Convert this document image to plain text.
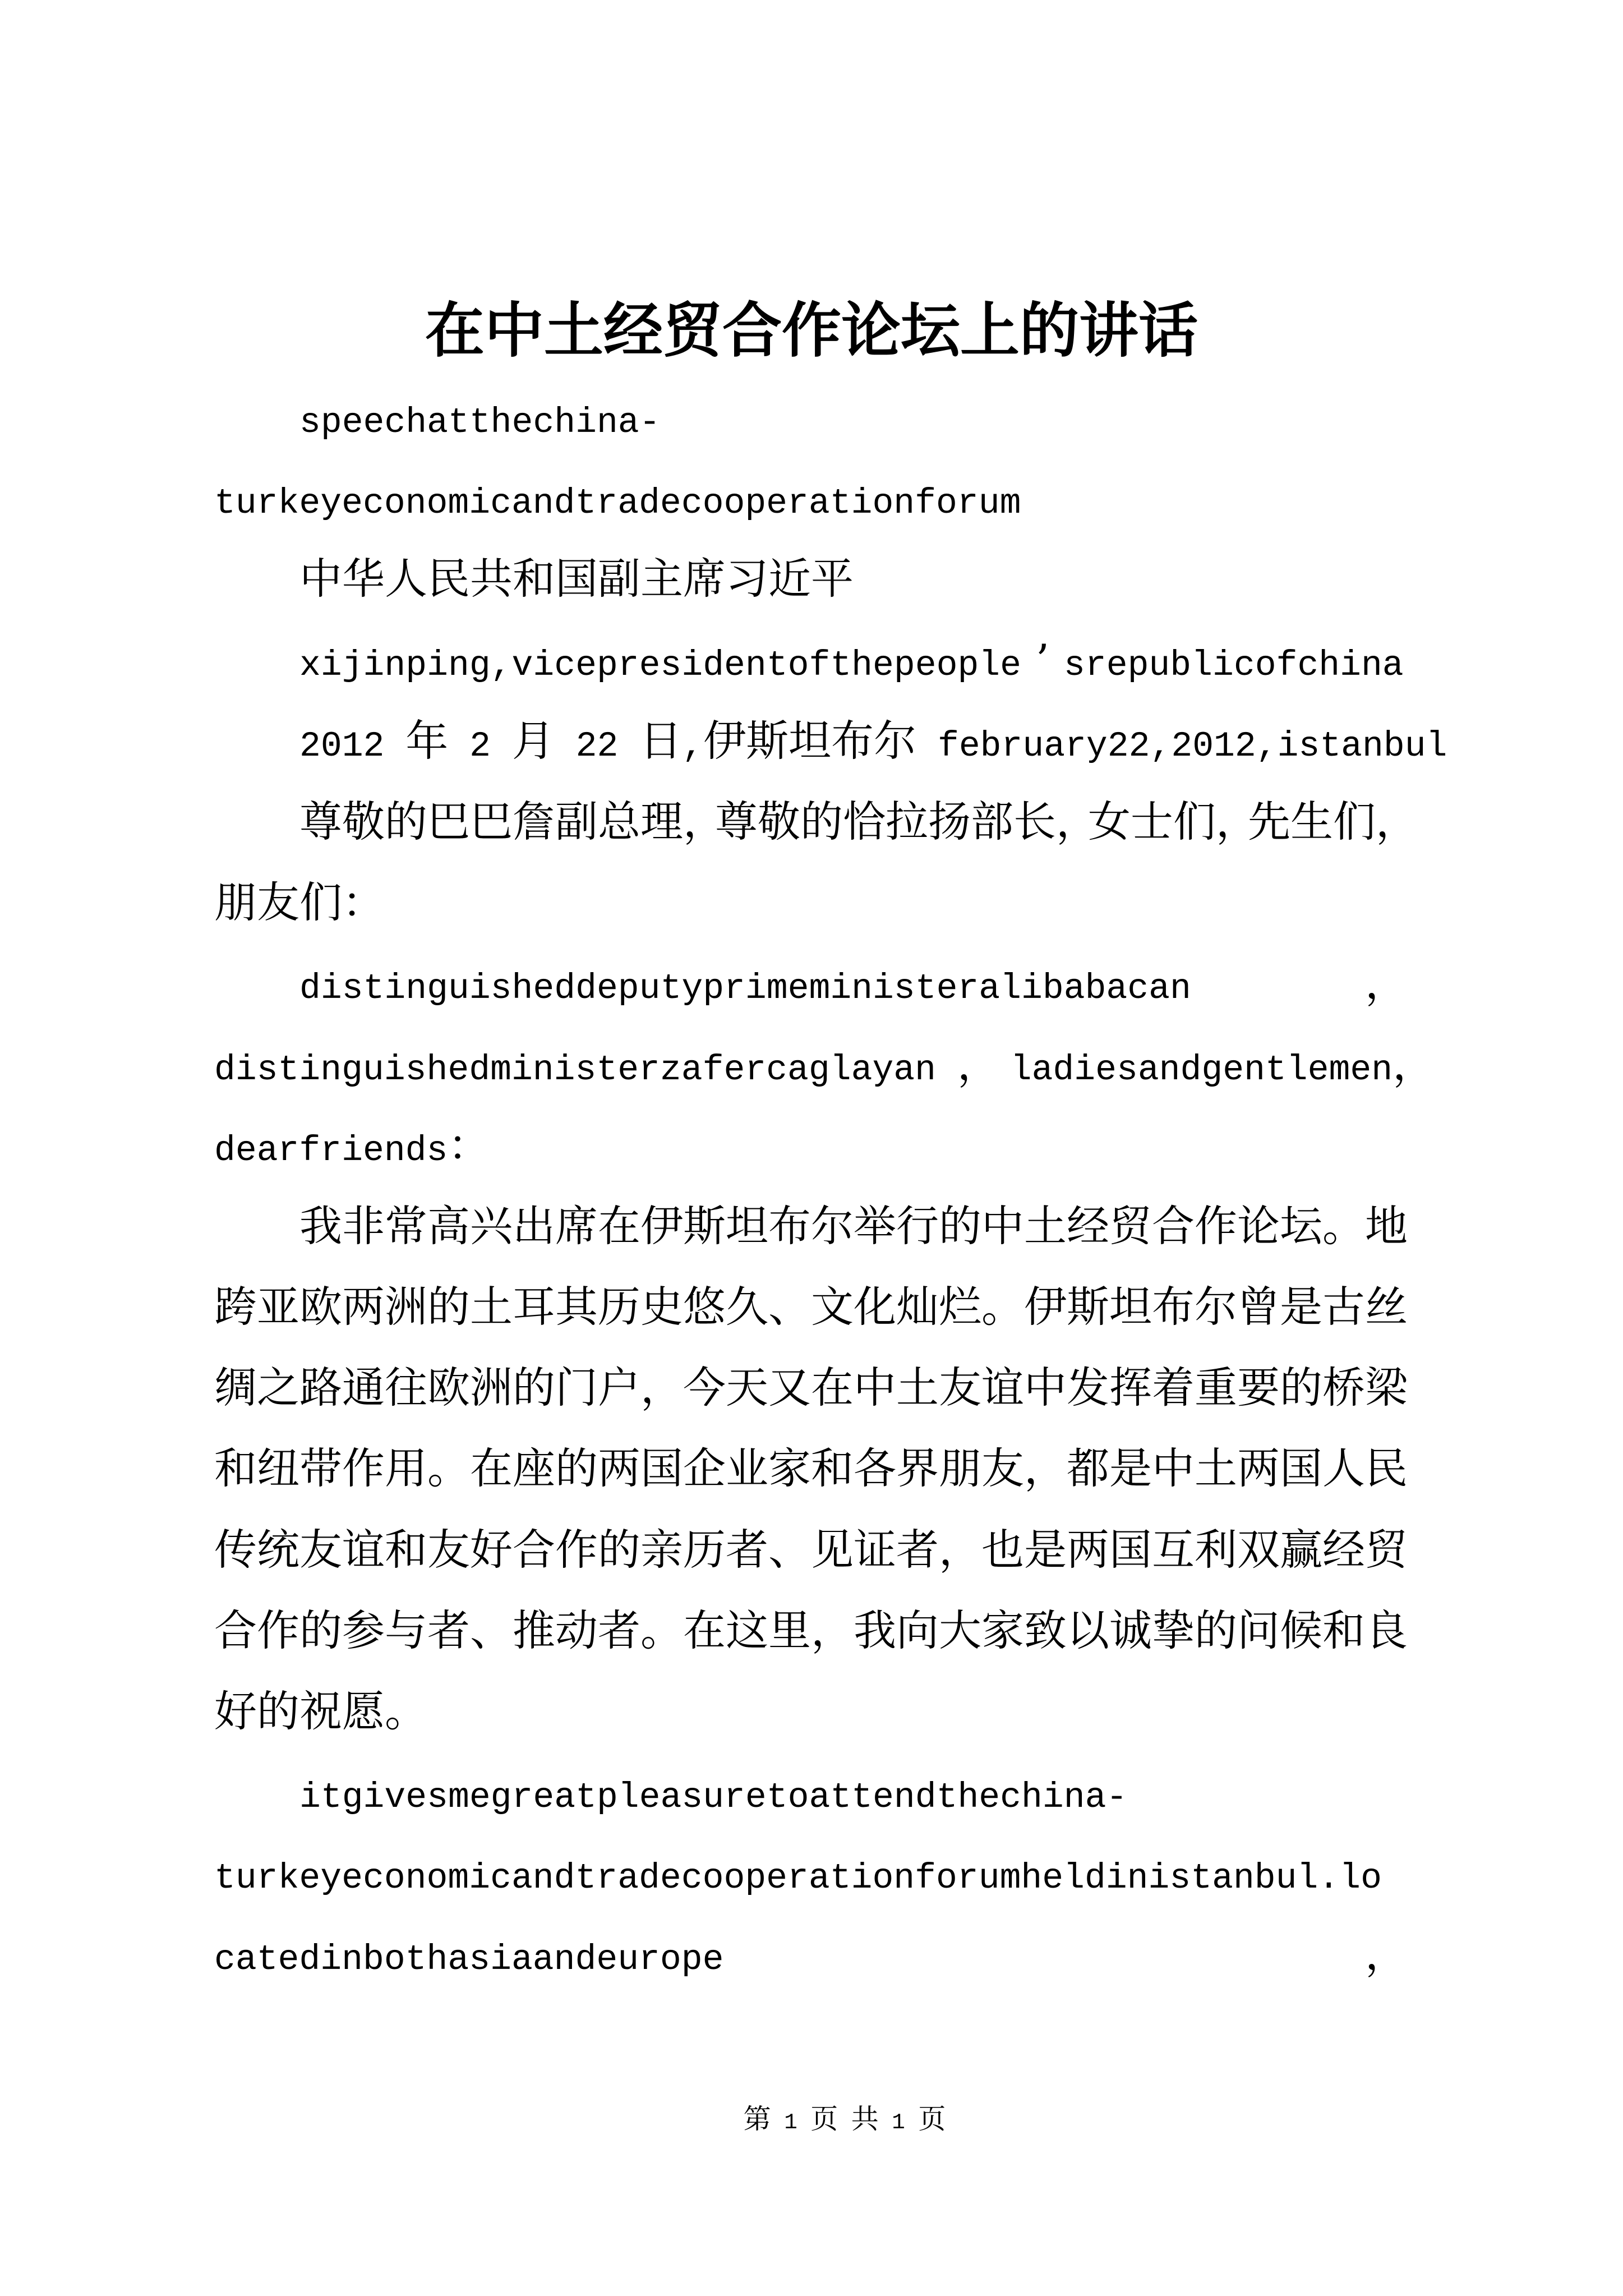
在中土经贸合作论坛上的讲话
speechatthechina-
turkeyeconomicandtradecooperationforum
中华人民共和国副主席习近平
xijinping,vicepresidentofthepeople ’ srepublicofchina
2012 年 2 月 22 日,伊斯坦布尔 february22,2012,istanbul
尊敬的巴巴詹副总理，尊敬的恰拉扬部长，女士们，先生们，
朋友们：
distinguisheddeputyprimeministeralibabacan	，
distinguishedministerzafercaglayan ，
ladiesandgentlemen ，
dearfriends：
我非常高兴出席在伊斯坦布尔举行的中土经贸合作论坛。地
跨亚欧两洲的土耳其历史悠久、文化灿烂。伊斯坦布尔曾是古丝
绸之路通往欧洲的门户，今天又在中土友谊中发挥着重要的桥梁
和纽带作用。在座的两国企业家和各界朋友，都是中土两国人民
传统友谊和友好合作的亲历者、见证者，也是两国互利双赢经贸
合作的参与者、推动者。在这里，我向大家致以诚挚的问候和良
好的祝愿。
itgivesmegreatpleasuretoattendthechina-
turkeyeconomicandtradecooperationforumheldinistanbul.lo
catedinbothasiaandeurope	，
第 1 页 共 1 页
